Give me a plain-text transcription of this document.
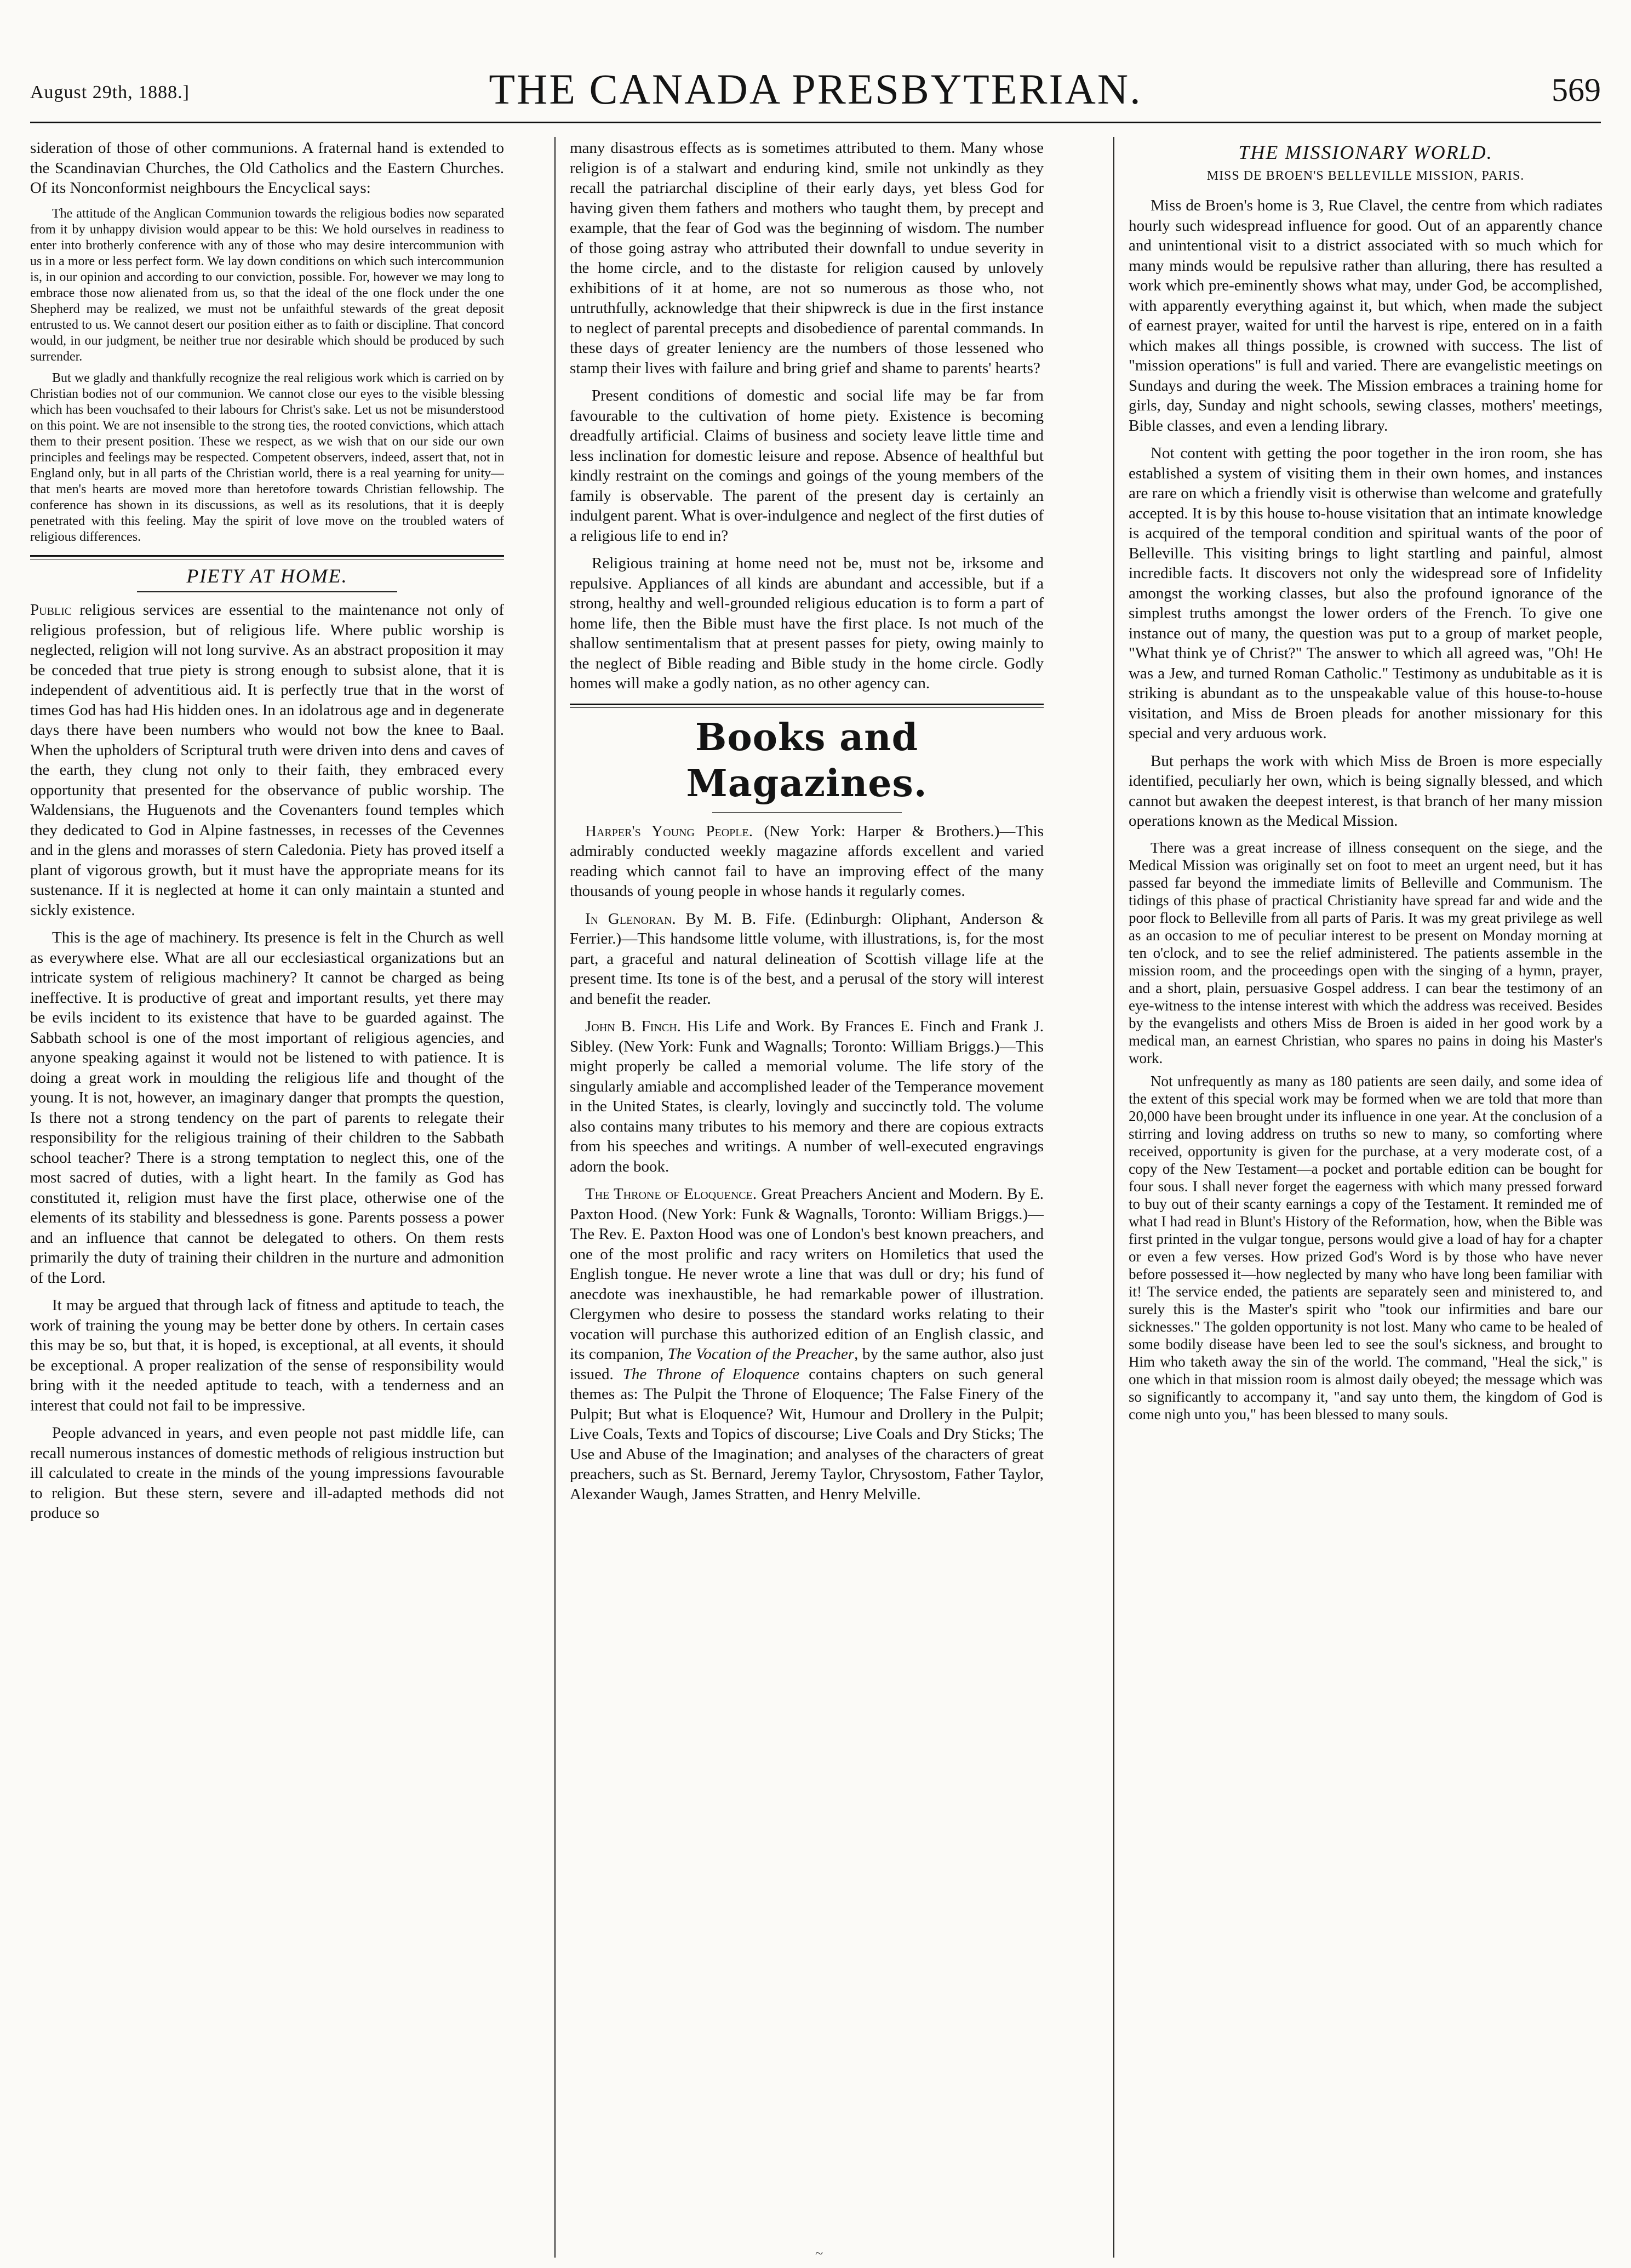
August 29th, 1888.]	THE CANADA PRESBYTERIAN.	569

sideration of those of other communions. A fraternal hand is extended to the Scandinavian Churches, the Old Catholics and the Eastern Churches. Of its Nonconformist neighbours the Encyclical says:

The attitude of the Anglican Communion towards the religious bodies now separated from it by unhappy division would appear to be this: We hold ourselves in readiness to enter into brotherly conference with any of those who may desire intercommunion with us in a more or less perfect form. We lay down conditions on which such intercommunion is, in our opinion and according to our conviction, possible. For, however we may long to embrace those now alienated from us, so that the ideal of the one flock under the one Shepherd may be realized, we must not be unfaithful stewards of the great deposit entrusted to us. We cannot desert our position either as to faith or discipline. That concord would, in our judgment, be neither true nor desirable which should be produced by such surrender.

But we gladly and thankfully recognize the real religious work which is carried on by Christian bodies not of our communion. We cannot close our eyes to the visible blessing which has been vouchsafed to their labours for Christ's sake. Let us not be misunderstood on this point. We are not insensible to the strong ties, the rooted convictions, which attach them to their present position. These we respect, as we wish that on our side our own principles and feelings may be respected. Competent observers, indeed, assert that, not in England only, but in all parts of the Christian world, there is a real yearning for unity—that men's hearts are moved more than heretofore towards Christian fellowship. The conference has shown in its discussions, as well as its resolutions, that it is deeply penetrated with this feeling. May the spirit of love move on the troubled waters of religious differences.

PIETY AT HOME.

Public religious services are essential to the maintenance not only of religious profession, but of religious life. Where public worship is neglected, religion will not long survive. As an abstract proposition it may be conceded that true piety is strong enough to subsist alone, that it is independent of adventitious aid. It is perfectly true that in the worst of times God has had His hidden ones. In an idolatrous age and in degenerate days there have been numbers who would not bow the knee to Baal. When the upholders of Scriptural truth were driven into dens and caves of the earth, they clung not only to their faith, they embraced every opportunity that presented for the observance of public worship. The Waldensians, the Huguenots and the Covenanters found temples which they dedicated to God in Alpine fastnesses, in recesses of the Cevennes and in the glens and morasses of stern Caledonia. Piety has proved itself a plant of vigorous growth, but it must have the appropriate means for its sustenance. If it is neglected at home it can only maintain a stunted and sickly existence.

This is the age of machinery. Its presence is felt in the Church as well as everywhere else. What are all our ecclesiastical organizations but an intricate system of religious machinery? It cannot be charged as being ineffective. It is productive of great and important results, yet there may be evils incident to its existence that have to be guarded against. The Sabbath school is one of the most important of religious agencies, and anyone speaking against it would not be listened to with patience. It is doing a great work in moulding the religious life and thought of the young. It is not, however, an imaginary danger that prompts the question, Is there not a strong tendency on the part of parents to relegate their responsibility for the religious training of their children to the Sabbath school teacher? There is a strong temptation to neglect this, one of the most sacred of duties, with a light heart. In the family as God has constituted it, religion must have the first place, otherwise one of the elements of its stability and blessedness is gone. Parents possess a power and an influence that cannot be delegated to others. On them rests primarily the duty of training their children in the nurture and admonition of the Lord.

It may be argued that through lack of fitness and aptitude to teach, the work of training the young may be better done by others. In certain cases this may be so, but that, it is hoped, is exceptional, at all events, it should be exceptional. A proper realization of the sense of responsibility would bring with it the needed aptitude to teach, with a tenderness and an interest that could not fail to be impressive.

People advanced in years, and even people not past middle life, can recall numerous instances of domestic methods of religious instruction but ill calculated to create in the minds of the young impressions favourable to religion. But these stern, severe and ill-adapted methods did not produce so

many disastrous effects as is sometimes attributed to them. Many whose religion is of a stalwart and enduring kind, smile not unkindly as they recall the patriarchal discipline of their early days, yet bless God for having given them fathers and mothers who taught them, by precept and example, that the fear of God was the beginning of wisdom. The number of those going astray who attributed their downfall to undue severity in the home circle, and to the distaste for religion caused by unlovely exhibitions of it at home, are not so numerous as those who, not untruthfully, acknowledge that their shipwreck is due in the first instance to neglect of parental precepts and disobedience of parental commands. In these days of greater leniency are the numbers of those lessened who stamp their lives with failure and bring grief and shame to parents' hearts?

Present conditions of domestic and social life may be far from favourable to the cultivation of home piety. Existence is becoming dreadfully artificial. Claims of business and society leave little time and less inclination for domestic leisure and repose. Absence of healthful but kindly restraint on the comings and goings of the young members of the family is observable. The parent of the present day is certainly an indulgent parent. What is over-indulgence and neglect of the first duties of a religious life to end in?

Religious training at home need not be, must not be, irksome and repulsive. Appliances of all kinds are abundant and accessible, but if a strong, healthy and well-grounded religious education is to form a part of home life, then the Bible must have the first place. Is not much of the shallow sentimentalism that at present passes for piety, owing mainly to the neglect of Bible reading and Bible study in the home circle. Godly homes will make a godly nation, as no other agency can.

Books and Magazines.

Harper's Young People. (New York: Harper & Brothers.)—This admirably conducted weekly magazine affords excellent and varied reading which cannot fail to have an improving effect of the many thousands of young people in whose hands it regularly comes.

In Glenoran. By M. B. Fife. (Edinburgh: Oliphant, Anderson & Ferrier.)—This handsome little volume, with illustrations, is, for the most part, a graceful and natural delineation of Scottish village life at the present time. Its tone is of the best, and a perusal of the story will interest and benefit the reader.

John B. Finch. His Life and Work. By Frances E. Finch and Frank J. Sibley. (New York: Funk and Wagnalls; Toronto: William Briggs.)—This might properly be called a memorial volume. The life story of the singularly amiable and accomplished leader of the Temperance movement in the United States, is clearly, lovingly and succinctly told. The volume also contains many tributes to his memory and there are copious extracts from his speeches and writings. A number of well-executed engravings adorn the book.

The Throne of Eloquence. Great Preachers Ancient and Modern. By E. Paxton Hood. (New York: Funk & Wagnalls, Toronto: William Briggs.)—The Rev. E. Paxton Hood was one of London's best known preachers, and one of the most prolific and racy writers on Homiletics that used the English tongue. He never wrote a line that was dull or dry; his fund of anecdote was inexhaustible, he had remarkable power of illustration. Clergymen who desire to possess the standard works relating to their vocation will purchase this authorized edition of an English classic, and its companion, The Vocation of the Preacher, by the same author, also just issued. The Throne of Eloquence contains chapters on such general themes as: The Pulpit the Throne of Eloquence; The False Finery of the Pulpit; But what is Eloquence? Wit, Humour and Drollery in the Pulpit; Live Coals, Texts and Topics of discourse; Live Coals and Dry Sticks; The Use and Abuse of the Imagination; and analyses of the characters of great preachers, such as St. Bernard, Jeremy Taylor, Chrysostom, Father Taylor, Alexander Waugh, James Stratten, and Henry Melville.

THE MISSIONARY WORLD.
MISS DE BROEN'S BELLEVILLE MISSION, PARIS.

Miss de Broen's home is 3, Rue Clavel, the centre from which radiates hourly such widespread influence for good. Out of an apparently chance and unintentional visit to a district associated with so much which for many minds would be repulsive rather than alluring, there has resulted a work which pre-eminently shows what may, under God, be accomplished, with apparently everything against it, but which, when made the subject of earnest prayer, waited for until the harvest is ripe, entered on in a faith which makes all things possible, is crowned with success. The list of "mission operations" is full and varied. There are evangelistic meetings on Sundays and during the week. The Mission embraces a training home for girls, day, Sunday and night schools, sewing classes, mothers' meetings, Bible classes, and even a lending library.

Not content with getting the poor together in the iron room, she has established a system of visiting them in their own homes, and instances are rare on which a friendly visit is otherwise than welcome and gratefully accepted. It is by this house to-house visitation that an intimate knowledge is acquired of the temporal condition and spiritual wants of the poor of Belleville. This visiting brings to light startling and painful, almost incredible facts. It discovers not only the widespread sore of Infidelity amongst the working classes, but also the profound ignorance of the simplest truths amongst the lower orders of the French. To give one instance out of many, the question was put to a group of market people, "What think ye of Christ?" The answer to which all agreed was, "Oh! He was a Jew, and turned Roman Catholic." Testimony as undubitable as it is striking is abundant as to the unspeakable value of this house-to-house visitation, and Miss de Broen pleads for another missionary for this special and very arduous work.

But perhaps the work with which Miss de Broen is more especially identified, peculiarly her own, which is being signally blessed, and which cannot but awaken the deepest interest, is that branch of her many mission operations known as the Medical Mission.

There was a great increase of illness consequent on the siege, and the Medical Mission was originally set on foot to meet an urgent need, but it has passed far beyond the immediate limits of Belleville and Communism. The tidings of this phase of practical Christianity have spread far and wide and the poor flock to Belleville from all parts of Paris. It was my great privilege as well as an occasion to me of peculiar interest to be present on Monday morning at ten o'clock, and to see the relief administered. The patients assemble in the mission room, and the proceedings open with the singing of a hymn, prayer, and a short, plain, persuasive Gospel address. I can bear the testimony of an eye-witness to the intense interest with which the address was received. Besides by the evangelists and others Miss de Broen is aided in her good work by a medical man, an earnest Christian, who spares no pains in doing his Master's work.

Not unfrequently as many as 180 patients are seen daily, and some idea of the extent of this special work may be formed when we are told that more than 20,000 have been brought under its influence in one year. At the conclusion of a stirring and loving address on truths so new to many, so comforting where received, opportunity is given for the purchase, at a very moderate cost, of a copy of the New Testament—a pocket and portable edition can be bought for four sous. I shall never forget the eagerness with which many pressed forward to buy out of their scanty earnings a copy of the Testament. It reminded me of what I had read in Blunt's History of the Reformation, how, when the Bible was first printed in the vulgar tongue, persons would give a load of hay for a chapter or even a few verses. How prized God's Word is by those who have never before possessed it—how neglected by many who have long been familiar with it! The service ended, the patients are separately seen and ministered to, and surely this is the Master's spirit who "took our infirmities and bare our sicknesses." The golden opportunity is not lost. Many who came to be healed of some bodily disease have been led to see the soul's sickness, and brought to Him who taketh away the sin of the world. The command, "Heal the sick," is one which in that mission room is almost daily obeyed; the message which was so significantly to accompany it, "and say unto them, the kingdom of God is come nigh unto you," has been blessed to many souls.

~
